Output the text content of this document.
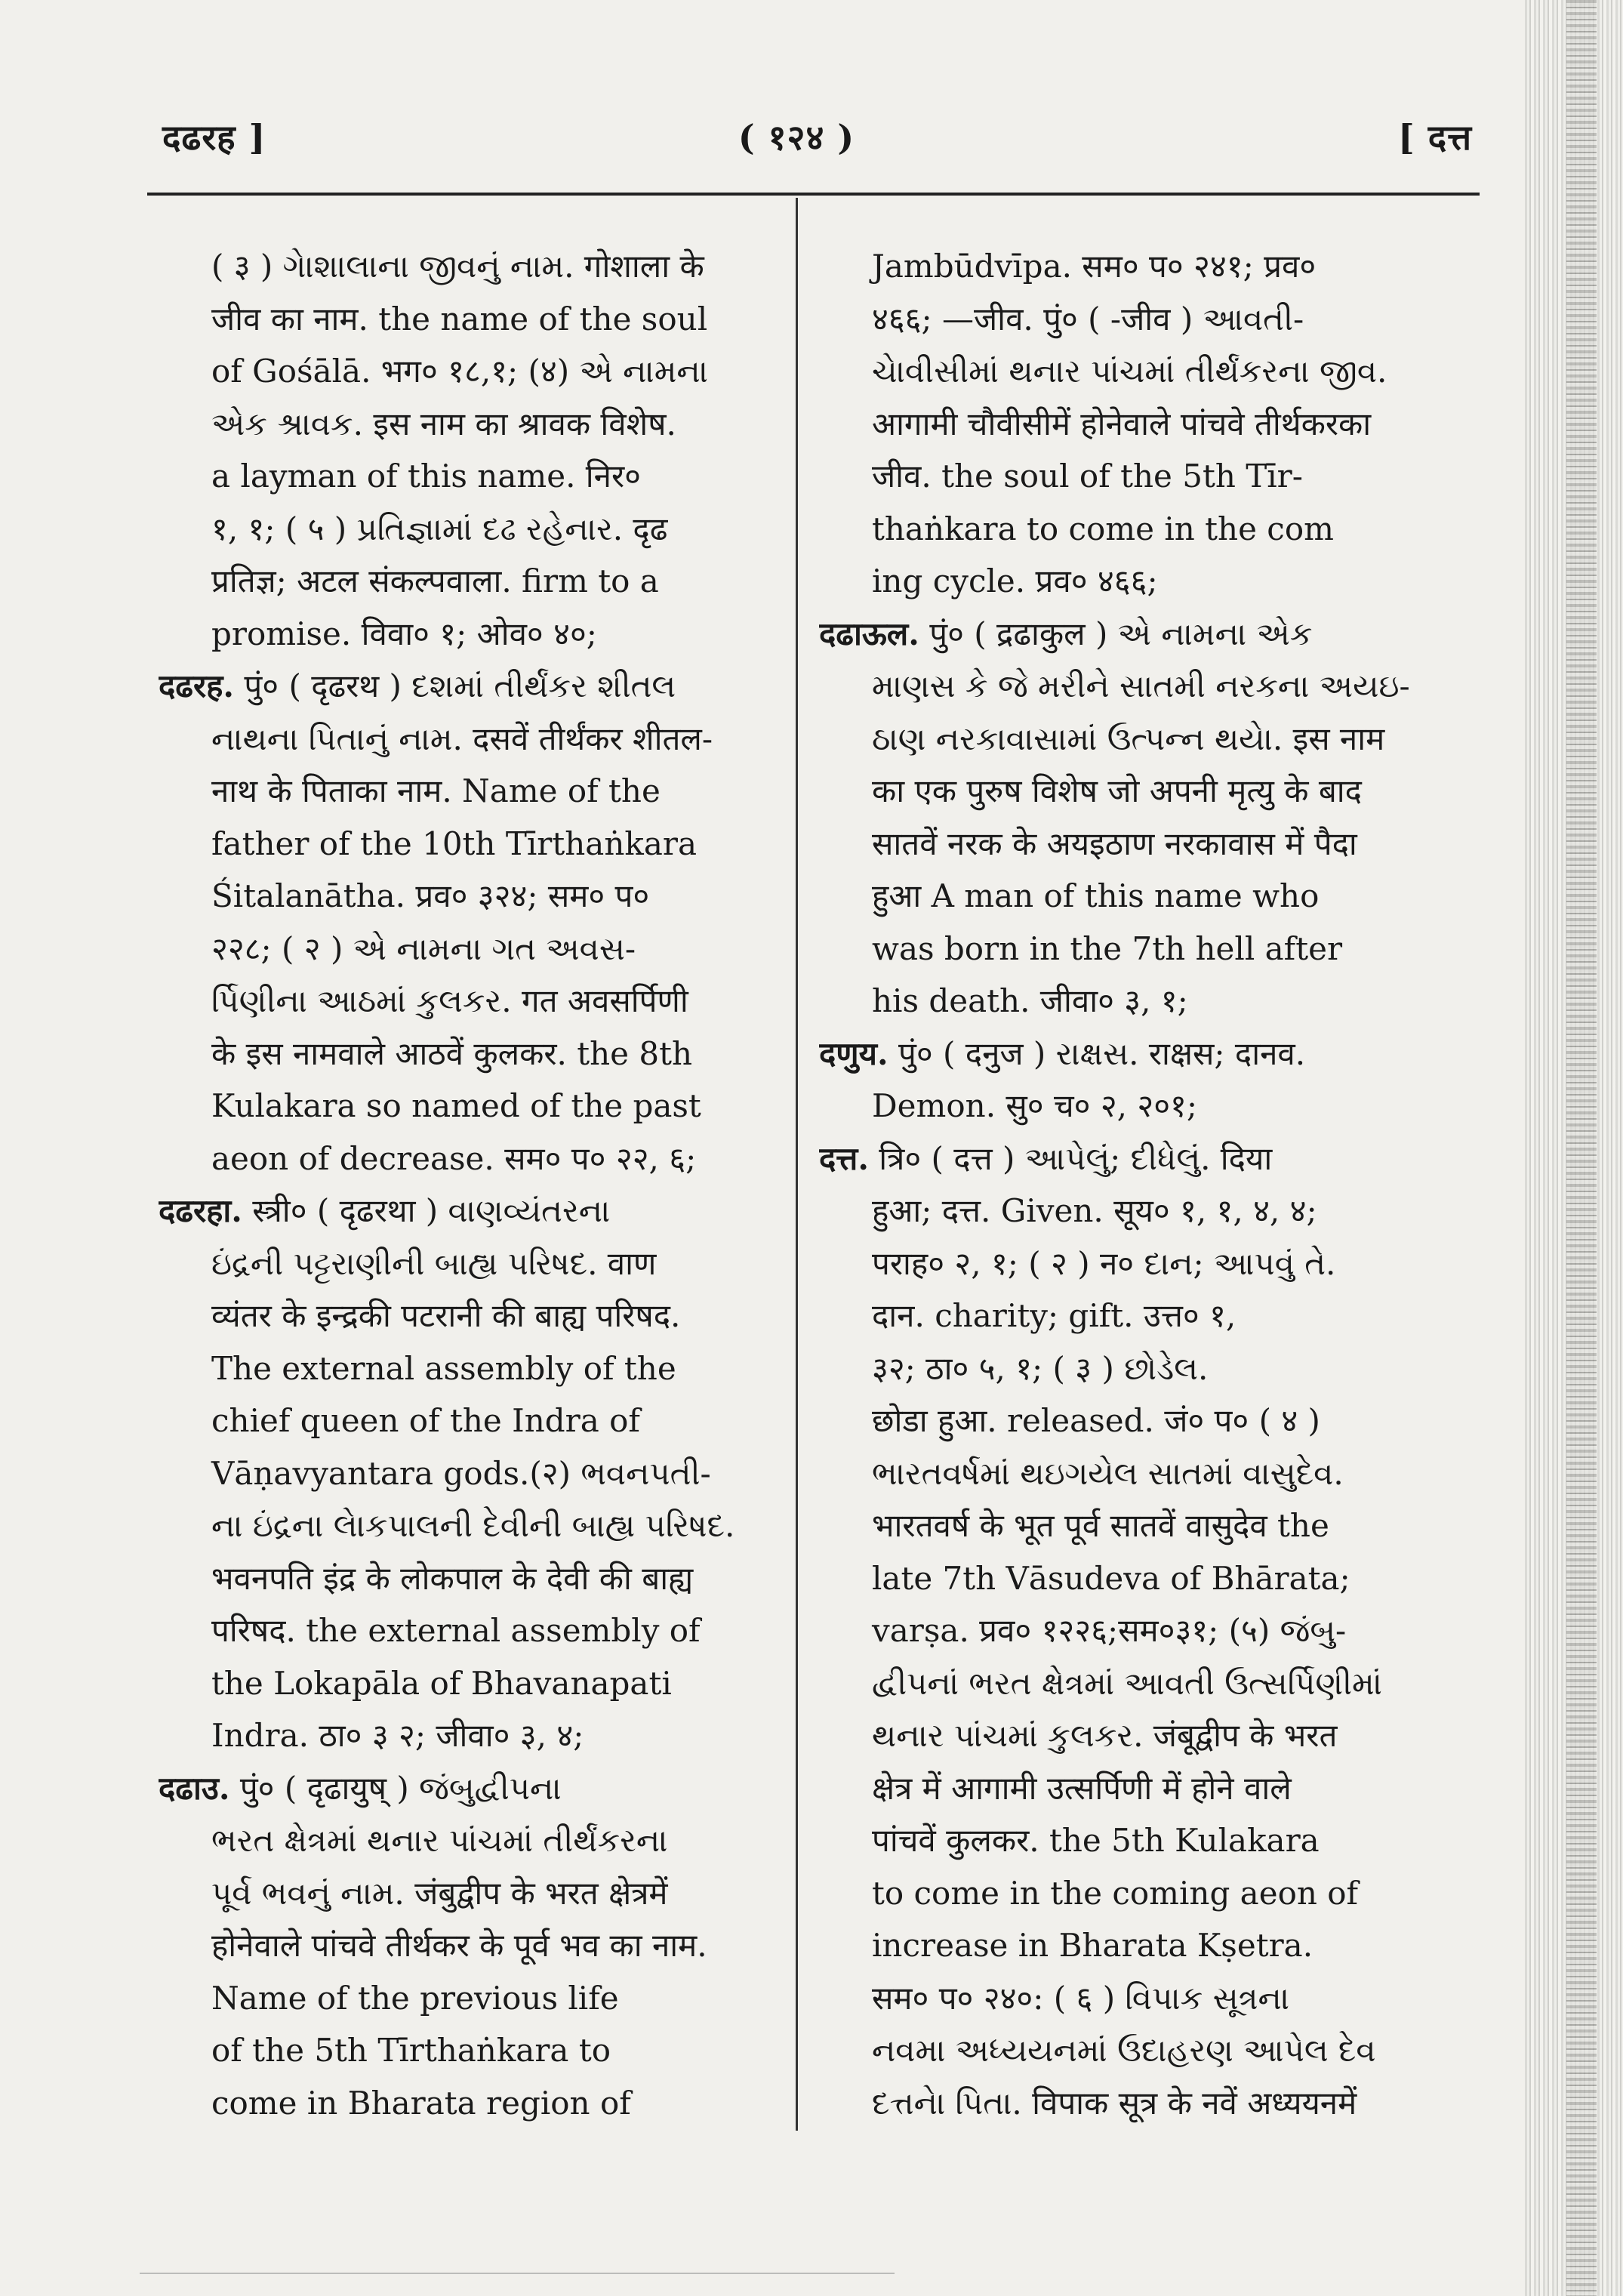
दढरह ]	( १२४ )	[ दत्त
( ३ ) ગેાશાલાના જીવનું નામ. गोशाला के
जीव का नाम. the name of the soul
of Gośālā. भग० १८,१; (४) એ નામના
એક શ્રાવક. इस नाम का श्रावक विशेष.
a layman of this name. निर०
१, १; ( ५ ) પ્રતિજ્ઞામાં દઢ રહેનાર. दृढ
प्रतिज्ञ; अटल संकल्पवाला. firm to a
promise. विवा० १; ओव० ४०;
दढरह. पुं० ( दृढरथ ) દશમાં તીર્થંકર શીતલ
નાથના પિતાનું નામ. दसवें तीर्थंकर शीतल-
नाथ के पिताका नाम. Name of the
father of the 10th Tīrthaṅkara
Śitalanātha. प्रव० ३२४; सम० प०
२२८; ( २ ) એ નામના ગત અવસ-
ર્પિણીના આઠમાં કુલકર. गत अवसर्पिणी
के इस नामवाले आठवें कुलकर. the 8th
Kulakara so named of the past
aeon of decrease. सम० प० २२, ६;
दढरहा. स्त्री० ( दृढरथा ) વાણવ્યંતરના
ઇંદ્રની પટ્ટરાણીની બાહ્ય પરિષદ. वाण
व्यंतर के इन्द्रकी पटरानी की बाह्य परिषद.
The external assembly of the
chief queen of the Indra of
Vāṇavyantara gods.(२) ભવનપતી-
ના ઇંદ્રના લેાકપાલની દેવીની બાહ્ય પરિષદ.
भवनपति इंद्र के लोकपाल के देवी की बाह्य
परिषद. the external assembly of
the Lokapāla of Bhavanapati
Indra. ठा० ३ २; जीवा० ३, ४;
दढाउ. पुं० ( दृढायुष् ) જંબુદ્વીપના
ભરત ક્ષેત્રમાં થનાર પાંચમાં તીર્થંકરના
પૂર્વ ભવનું નામ. जंबुद्वीप के भरत क्षेत्रमें
होनेवाले पांचवे तीर्थकर के पूर्व भव का नाम.
Name of the previous life
of the 5th Tīrthaṅkara to
come in Bharata region of
Jambūdvīpa. सम० प० २४१; प्रव०
४६६; —जीव. पुं० ( -जीव ) આવતી-
ચેાવીસીમાં થનાર પાંચમાં તીર્થંકરના જીવ.
आगामी चौवीसीमें होनेवाले पांचवे तीर्थकरका
जीव. the soul of the 5th Tīr-
thaṅkara to come in the com
ing cycle. प्रव० ४६६;
दढाऊल. पुं० ( द्रढाकुल ) એ નામના એક
માણસ કે જે મરીને સાતમી નરકના અયઇ-
ઠાણ નરકાવાસામાં ઉત્પન્ન થયેા. इस नाम
का एक पुरुष विशेष जो अपनी मृत्यु के बाद
सातवें नरक के अयइठाण नरकावास में पैदा
हुआ A man of this name who
was born in the 7th hell after
his death. जीवा० ३, १;
दणुय. पुं० ( दनुज ) રાક્ષસ. राक्षस; दानव.
Demon. सु० च० २, २०१;
दत्त. त्रि० ( दत्त ) આપેલું; દીધેલું. दिया
हुआ; दत्त. Given. सूय० १, १, ४, ४;
पराह० २, १; ( २ ) न० દાન; આપવું તે.
दान. charity; gift. उत्त० १,
३२; ठा० ५, १; ( ३ ) છોડેલ.
छोडा हुआ. released. जं० प० ( ४ )
ભારતવર્ષમાં થઇગયેલ સાતમાં વાસુદેવ.
भारतवर्ष के भूत पूर्व सातवें वासुदेव the
late 7th Vāsudeva of Bhārata;
varṣa. प्रव० १२२६;सम०३१; (५) જંબુ-
દ્વીપનાં ભરત ક્ષેત્રમાં આવતી ઉત્સર્પિણીમાં
થનાર પાંચમાં કુલકર. जंबूद्वीप के भरत
क्षेत्र में आगामी उत्सर्पिणी में होने वाले
पांचवें कुलकर. the 5th Kulakara
to come in the coming aeon of
increase in Bharata Kṣetra.
सम० प० २४०: ( ६ ) વિપાક સૂત્રના
નવમા અધ્યયનમાં ઉદાહરણ આપેલ દેવ
દત્તનેા પિતા. विपाक सूत्र के नवें अध्ययनमें
